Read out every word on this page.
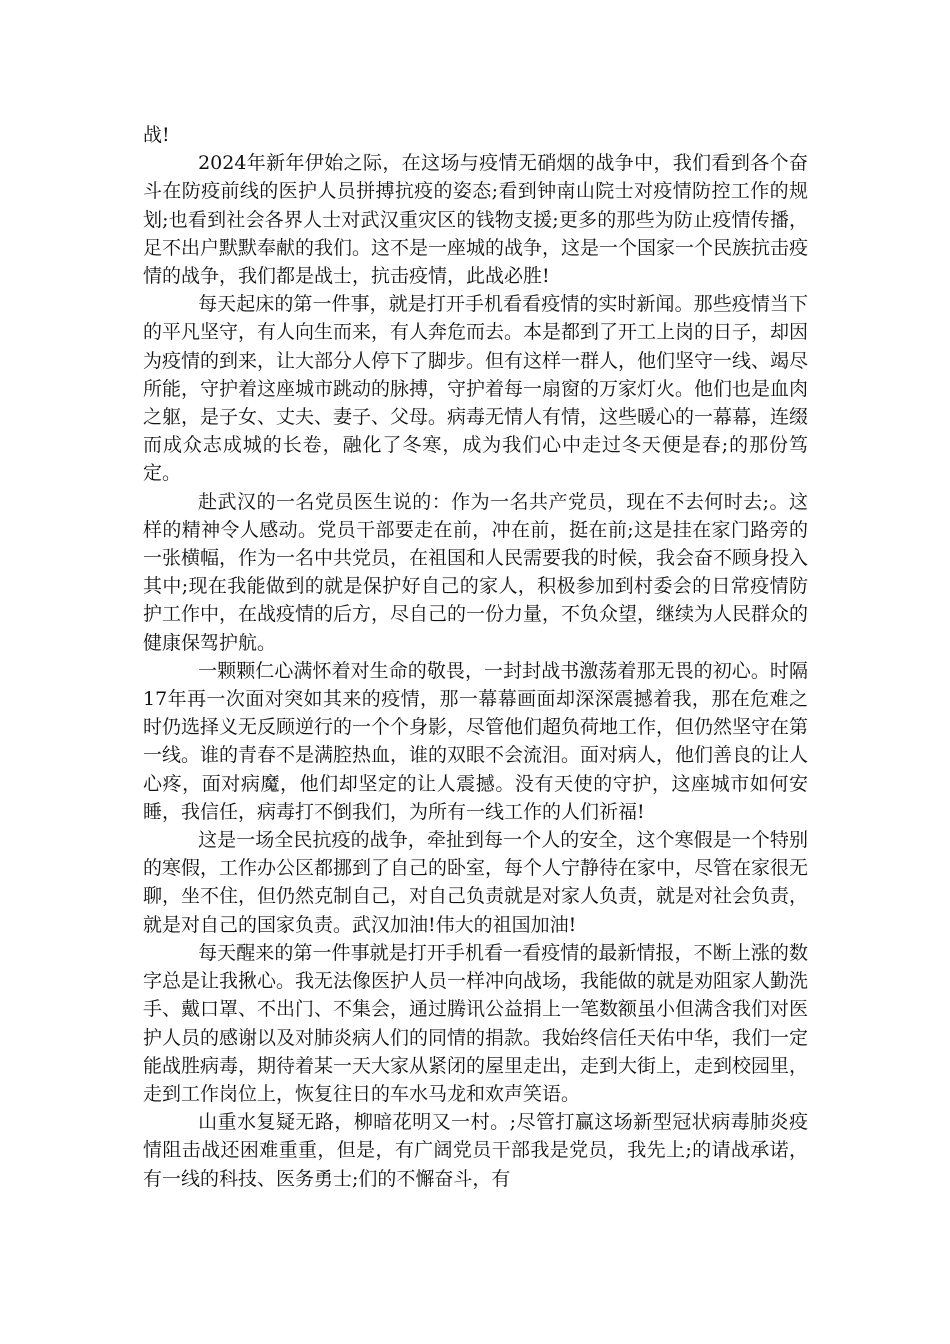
战!

2024年新年伊始之际，在这场与疫情无硝烟的战争中，我们看到各个奋斗在防疫前线的医护人员拼搏抗疫的姿态;看到钟南山院士对疫情防控工作的规划;也看到社会各界人士对武汉重灾区的钱物支援;更多的那些为防止疫情传播，足不出户默默奉献的我们。这不是一座城的战争，这是一个国家一个民族抗击疫情的战争，我们都是战士，抗击疫情，此战必胜!

每天起床的第一件事，就是打开手机看看疫情的实时新闻。那些疫情当下的平凡坚守，有人向生而来，有人奔危而去。本是都到了开工上岗的日子，却因为疫情的到来，让大部分人停下了脚步。但有这样一群人，他们坚守一线、竭尽所能，守护着这座城市跳动的脉搏，守护着每一扇窗的万家灯火。他们也是血肉之躯，是子女、丈夫、妻子、父母。病毒无情人有情，这些暖心的一幕幕，连缀而成众志成城的长卷，融化了冬寒，成为我们心中走过冬天便是春;的那份笃定。

赴武汉的一名党员医生说的：作为一名共产党员，现在不去何时去;。这样的精神令人感动。党员干部要走在前，冲在前，挺在前;这是挂在家门路旁的一张横幅，作为一名中共党员，在祖国和人民需要我的时候，我会奋不顾身投入其中;现在我能做到的就是保护好自己的家人，积极参加到村委会的日常疫情防护工作中，在战疫情的后方，尽自己的一份力量，不负众望，继续为人民群众的健康保驾护航。

一颗颗仁心满怀着对生命的敬畏，一封封战书激荡着那无畏的初心。时隔17年再一次面对突如其来的疫情，那一幕幕画面却深深震撼着我，那在危难之时仍选择义无反顾逆行的一个个身影，尽管他们超负荷地工作，但仍然坚守在第一线。谁的青春不是满腔热血，谁的双眼不会流泪。面对病人，他们善良的让人心疼，面对病魔，他们却坚定的让人震撼。没有天使的守护，这座城市如何安睡，我信任，病毒打不倒我们，为所有一线工作的人们祈福!

这是一场全民抗疫的战争，牵扯到每一个人的安全，这个寒假是一个特别的寒假，工作办公区都挪到了自己的卧室，每个人宁静待在家中，尽管在家很无聊，坐不住，但仍然克制自己，对自己负责就是对家人负责，就是对社会负责，就是对自己的国家负责。武汉加油!伟大的祖国加油!

每天醒来的第一件事就是打开手机看一看疫情的最新情报，不断上涨的数字总是让我揪心。我无法像医护人员一样冲向战场，我能做的就是劝阻家人勤洗手、戴口罩、不出门、不集会，通过腾讯公益捐上一笔数额虽小但满含我们对医护人员的感谢以及对肺炎病人们的同情的捐款。我始终信任天佑中华，我们一定能战胜病毒，期待着某一天大家从紧闭的屋里走出，走到大街上，走到校园里，走到工作岗位上，恢复往日的车水马龙和欢声笑语。

山重水复疑无路，柳暗花明又一村。;尽管打赢这场新型冠状病毒肺炎疫情阻击战还困难重重，但是，有广阔党员干部我是党员，我先上;的请战承诺，有一线的科技、医务勇士;们的不懈奋斗，有
